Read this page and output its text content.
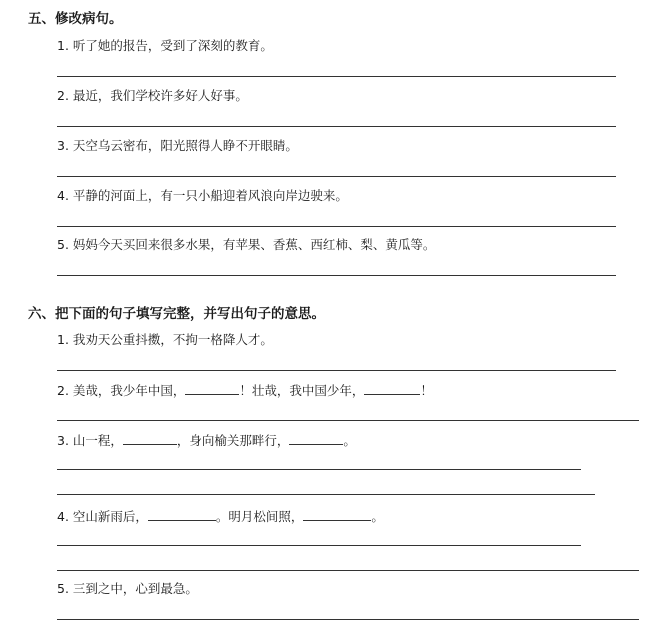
五、修改病句。
1. 听了她的报告，受到了深刻的教育。
2. 最近，我们学校许多好人好事。
3. 天空乌云密布，阳光照得人睁不开眼睛。
4. 平静的河面上，有一只小船迎着风浪向岸边驶来。
5. 妈妈今天买回来很多水果，有苹果、香蕉、西红柿、梨、黄瓜等。
六、把下面的句子填写完整，并写出句子的意思。
1. 我劝天公重抖擞，不拘一格降人才。
2. 美哉，我少年中国，	！壮哉，我中国少年，	！
3. 山一程，	，身向榆关那畔行，	。
4. 空山新雨后，	。明月松间照，	。
5. 三到之中，心到最急。
